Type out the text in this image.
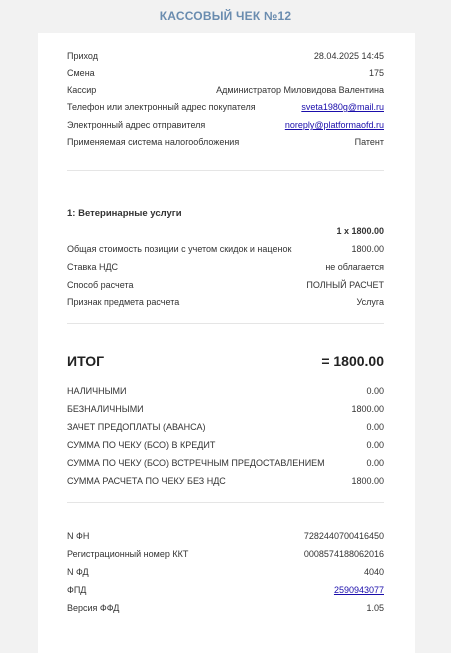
КАССОВЫЙ ЧЕК №12
Приход	28.04.2025 14:45
Смена	175
Кассир	Администратор Миловидова Валентина
Телефон или электронный адрес покупателя	sveta1980g@mail.ru
Электронный адрес отправителя	noreply@platformaofd.ru
Применяемая система налогообложения	Патент
1: Ветеринарные услуги
1 x 1800.00
Общая стоимость позиции с учетом скидок и наценок	1800.00
Ставка НДС	не облагается
Способ расчета	ПОЛНЫЙ РАСЧЕТ
Признак предмета расчета	Услуга
ИТОГ	= 1800.00
НАЛИЧНЫМИ	0.00
БЕЗНАЛИЧНЫМИ	1800.00
ЗАЧЕТ ПРЕДОПЛАТЫ (АВАНСА)	0.00
СУММА ПО ЧЕКУ (БСО) В КРЕДИТ	0.00
СУММА ПО ЧЕКУ (БСО) ВСТРЕЧНЫМ ПРЕДОСТАВЛЕНИЕМ	0.00
СУММА РАСЧЕТА ПО ЧЕКУ БЕЗ НДС	1800.00
N ФН	7282440700416450
Регистрационный номер ККТ	0008574188062016
N ФД	4040
ФПД	2590943077
Версия ФФД	1.05
